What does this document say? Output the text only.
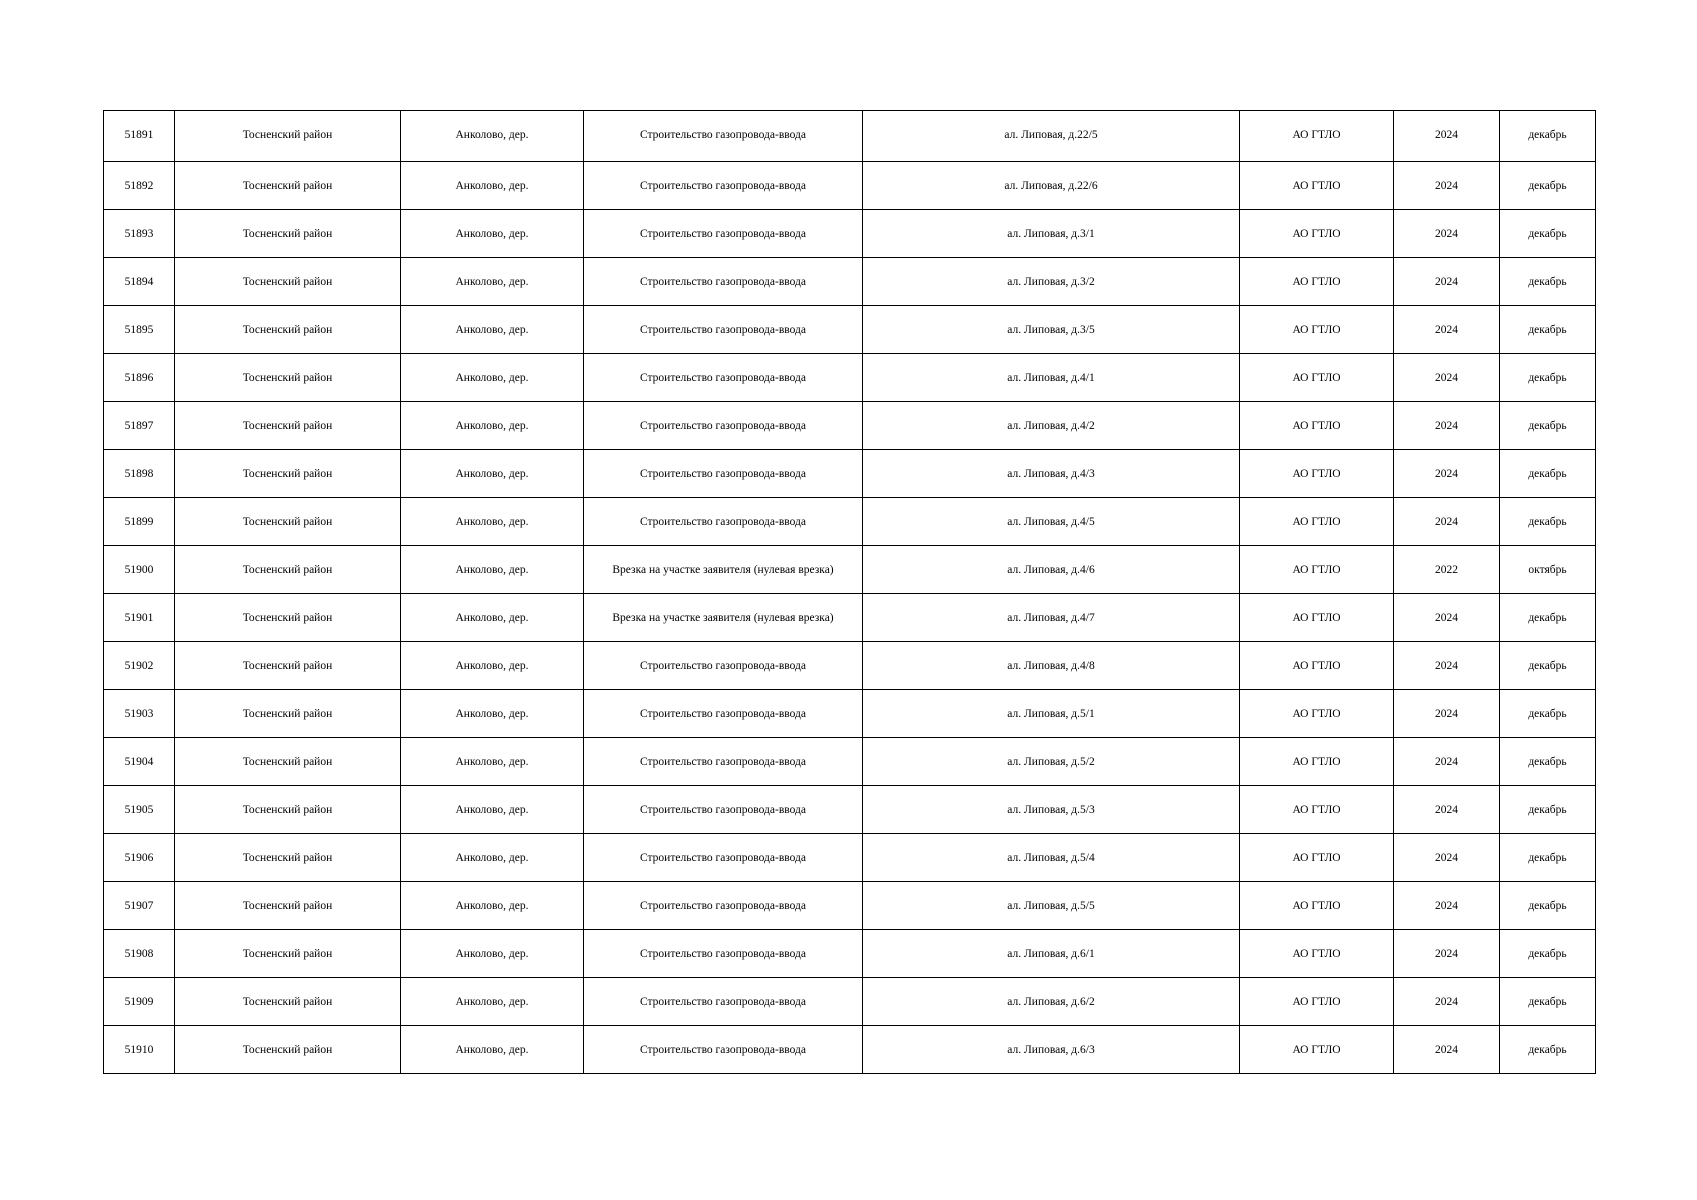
51891	Тосненский район	Анколово, дер.	Строительство газопровода-ввода	ал. Липовая, д.22/5	АО ГТЛО	2024	декабрь
51892	Тосненский район	Анколово, дер.	Строительство газопровода-ввода	ал. Липовая, д.22/6	АО ГТЛО	2024	декабрь
51893	Тосненский район	Анколово, дер.	Строительство газопровода-ввода	ал. Липовая, д.3/1	АО ГТЛО	2024	декабрь
51894	Тосненский район	Анколово, дер.	Строительство газопровода-ввода	ал. Липовая, д.3/2	АО ГТЛО	2024	декабрь
51895	Тосненский район	Анколово, дер.	Строительство газопровода-ввода	ал. Липовая, д.3/5	АО ГТЛО	2024	декабрь
51896	Тосненский район	Анколово, дер.	Строительство газопровода-ввода	ал. Липовая, д.4/1	АО ГТЛО	2024	декабрь
51897	Тосненский район	Анколово, дер.	Строительство газопровода-ввода	ал. Липовая, д.4/2	АО ГТЛО	2024	декабрь
51898	Тосненский район	Анколово, дер.	Строительство газопровода-ввода	ал. Липовая, д.4/3	АО ГТЛО	2024	декабрь
51899	Тосненский район	Анколово, дер.	Строительство газопровода-ввода	ал. Липовая, д.4/5	АО ГТЛО	2024	декабрь
51900	Тосненский район	Анколово, дер.	Врезка на участке заявителя (нулевая врезка)	ал. Липовая, д.4/6	АО ГТЛО	2022	октябрь
51901	Тосненский район	Анколово, дер.	Врезка на участке заявителя (нулевая врезка)	ал. Липовая, д.4/7	АО ГТЛО	2024	декабрь
51902	Тосненский район	Анколово, дер.	Строительство газопровода-ввода	ал. Липовая, д.4/8	АО ГТЛО	2024	декабрь
51903	Тосненский район	Анколово, дер.	Строительство газопровода-ввода	ал. Липовая, д.5/1	АО ГТЛО	2024	декабрь
51904	Тосненский район	Анколово, дер.	Строительство газопровода-ввода	ал. Липовая, д.5/2	АО ГТЛО	2024	декабрь
51905	Тосненский район	Анколово, дер.	Строительство газопровода-ввода	ал. Липовая, д.5/3	АО ГТЛО	2024	декабрь
51906	Тосненский район	Анколово, дер.	Строительство газопровода-ввода	ал. Липовая, д.5/4	АО ГТЛО	2024	декабрь
51907	Тосненский район	Анколово, дер.	Строительство газопровода-ввода	ал. Липовая, д.5/5	АО ГТЛО	2024	декабрь
51908	Тосненский район	Анколово, дер.	Строительство газопровода-ввода	ал. Липовая, д.6/1	АО ГТЛО	2024	декабрь
51909	Тосненский район	Анколово, дер.	Строительство газопровода-ввода	ал. Липовая, д.6/2	АО ГТЛО	2024	декабрь
51910	Тосненский район	Анколово, дер.	Строительство газопровода-ввода	ал. Липовая, д.6/3	АО ГТЛО	2024	декабрь
